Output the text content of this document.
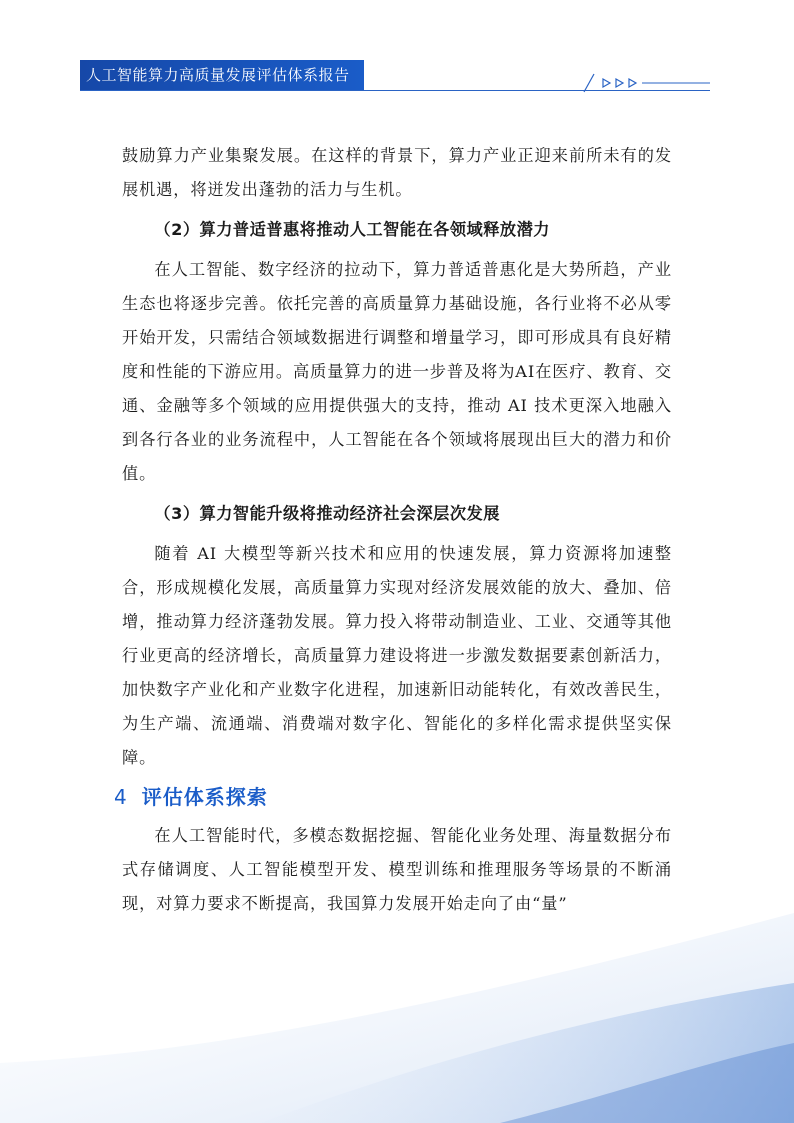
人工智能算力高质量发展评估体系报告

鼓励算力产业集聚发展。在这样的背景下，算力产业正迎来前所未有的发展机遇，将迸发出蓬勃的活力与生机。

（2）算力普适普惠将推动人工智能在各领域释放潜力

在人工智能、数字经济的拉动下，算力普适普惠化是大势所趋，产业生态也将逐步完善。依托完善的高质量算力基础设施，各行业将不必从零开始开发，只需结合领域数据进行调整和增量学习，即可形成具有良好精度和性能的下游应用。高质量算力的进一步普及将为AI在医疗、教育、交通、金融等多个领域的应用提供强大的支持，推动 AI 技术更深入地融入到各行各业的业务流程中，人工智能在各个领域将展现出巨大的潜力和价值。

（3）算力智能升级将推动经济社会深层次发展

随着 AI 大模型等新兴技术和应用的快速发展，算力资源将加速整合，形成规模化发展，高质量算力实现对经济发展效能的放大、叠加、倍增，推动算力经济蓬勃发展。算力投入将带动制造业、工业、交通等其他行业更高的经济增长，高质量算力建设将进一步激发数据要素创新活力，加快数字产业化和产业数字化进程，加速新旧动能转化，有效改善民生，为生产端、流通端、消费端对数字化、智能化的多样化需求提供坚实保障。

4 评估体系探索

在人工智能时代，多模态数据挖掘、智能化业务处理、海量数据分布式存储调度、人工智能模型开发、模型训练和推理服务等场景的不断涌现，对算力要求不断提高，我国算力发展开始走向了由“量”
